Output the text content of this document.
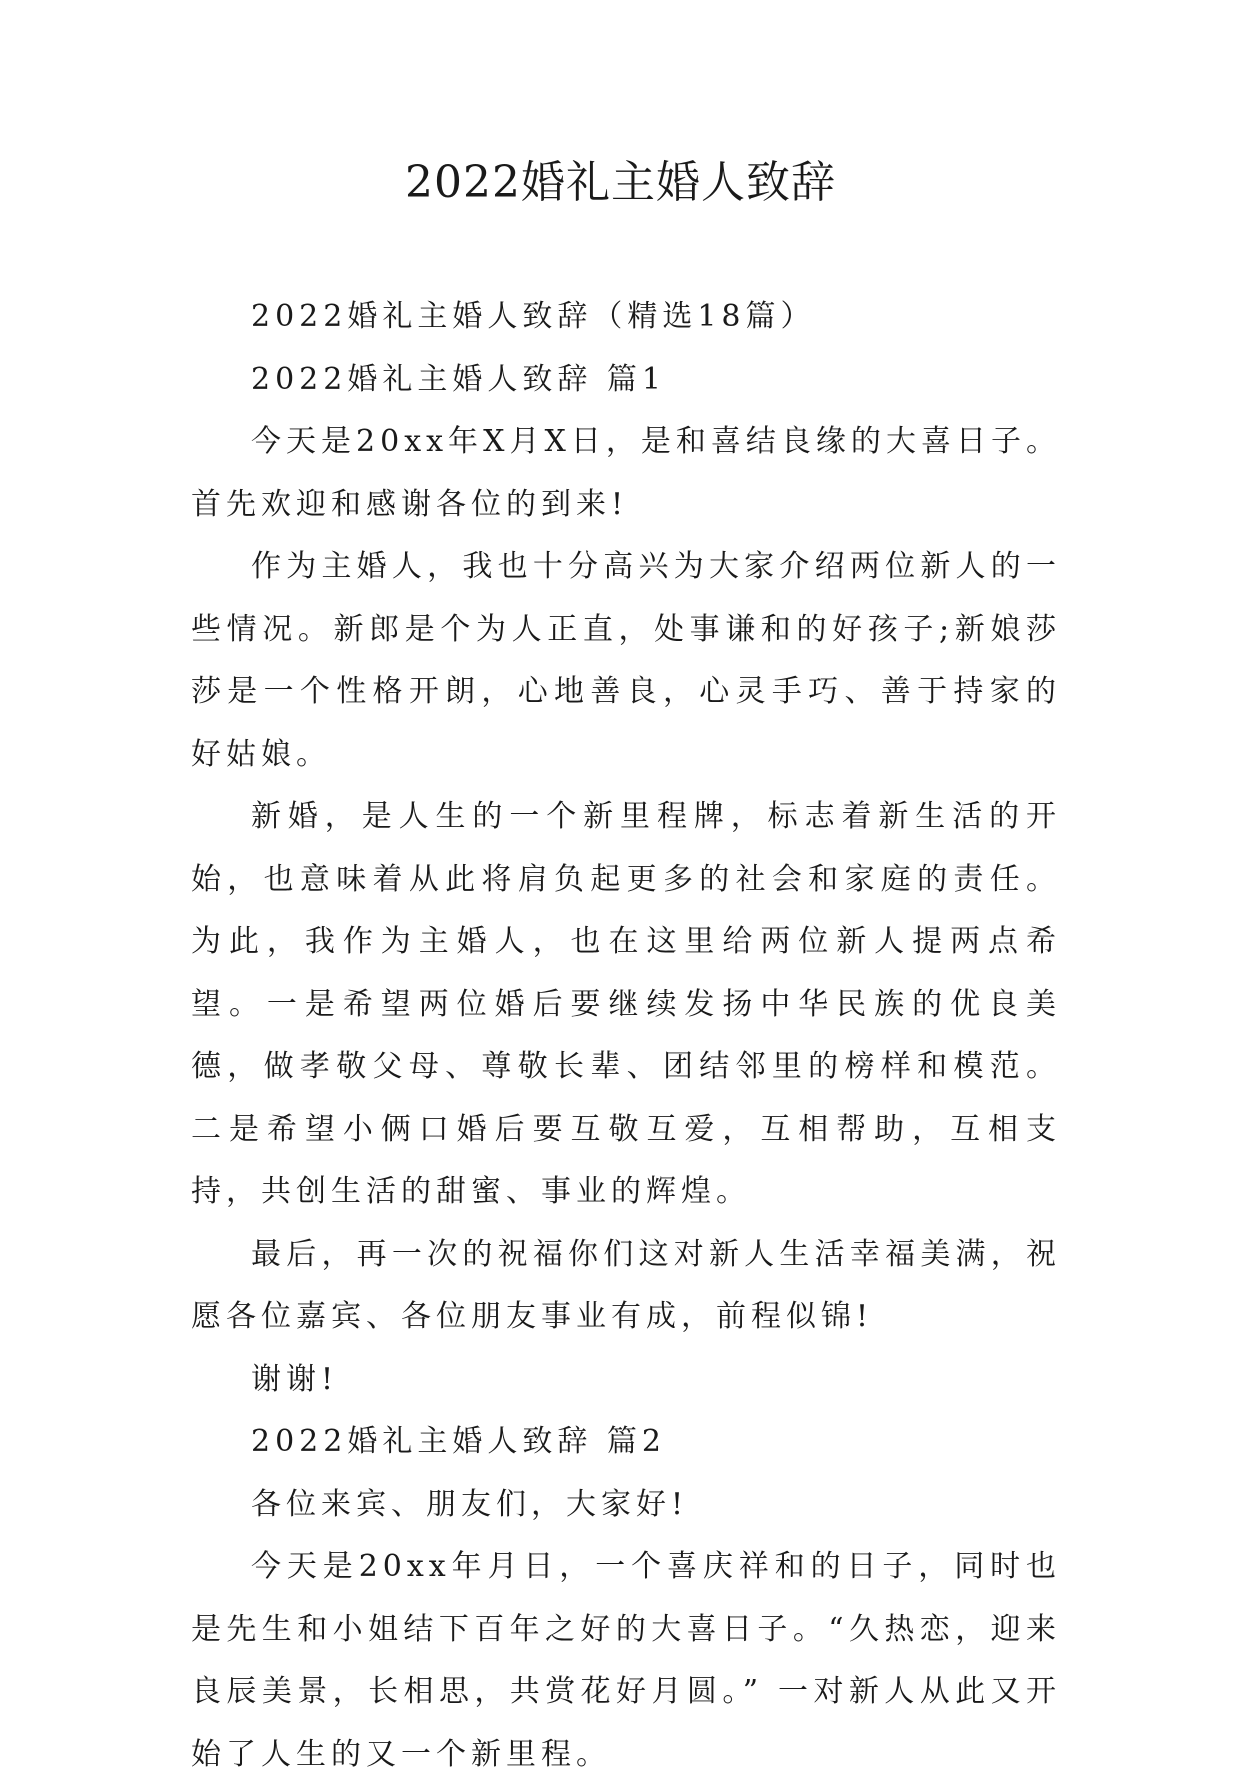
2022婚礼主婚人致辞

2022婚礼主婚人致辞（精选18篇）

2022婚礼主婚人致辞 篇1

今天是20xx年X月X日，是和喜结良缘的大喜日子。首先欢迎和感谢各位的到来!

作为主婚人，我也十分高兴为大家介绍两位新人的一些情况。新郎是个为人正直，处事谦和的好孩子;新娘莎莎是一个性格开朗，心地善良，心灵手巧、善于持家的好姑娘。

新婚，是人生的一个新里程牌，标志着新生活的开始，也意味着从此将肩负起更多的社会和家庭的责任。为此，我作为主婚人，也在这里给两位新人提两点希望。一是希望两位婚后要继续发扬中华民族的优良美德，做孝敬父母、尊敬长辈、团结邻里的榜样和模范。二是希望小俩口婚后要互敬互爱，互相帮助，互相支持，共创生活的甜蜜、事业的辉煌。

最后，再一次的祝福你们这对新人生活幸福美满，祝愿各位嘉宾、各位朋友事业有成，前程似锦!

谢谢!

2022婚礼主婚人致辞 篇2

各位来宾、朋友们，大家好!

今天是20xx年月日，一个喜庆祥和的日子，同时也是先生和小姐结下百年之好的大喜日子。“久热恋，迎来良辰美景，长相思，共赏花好月圆。” 一对新人从此又开始了人生的又一个新里程。
